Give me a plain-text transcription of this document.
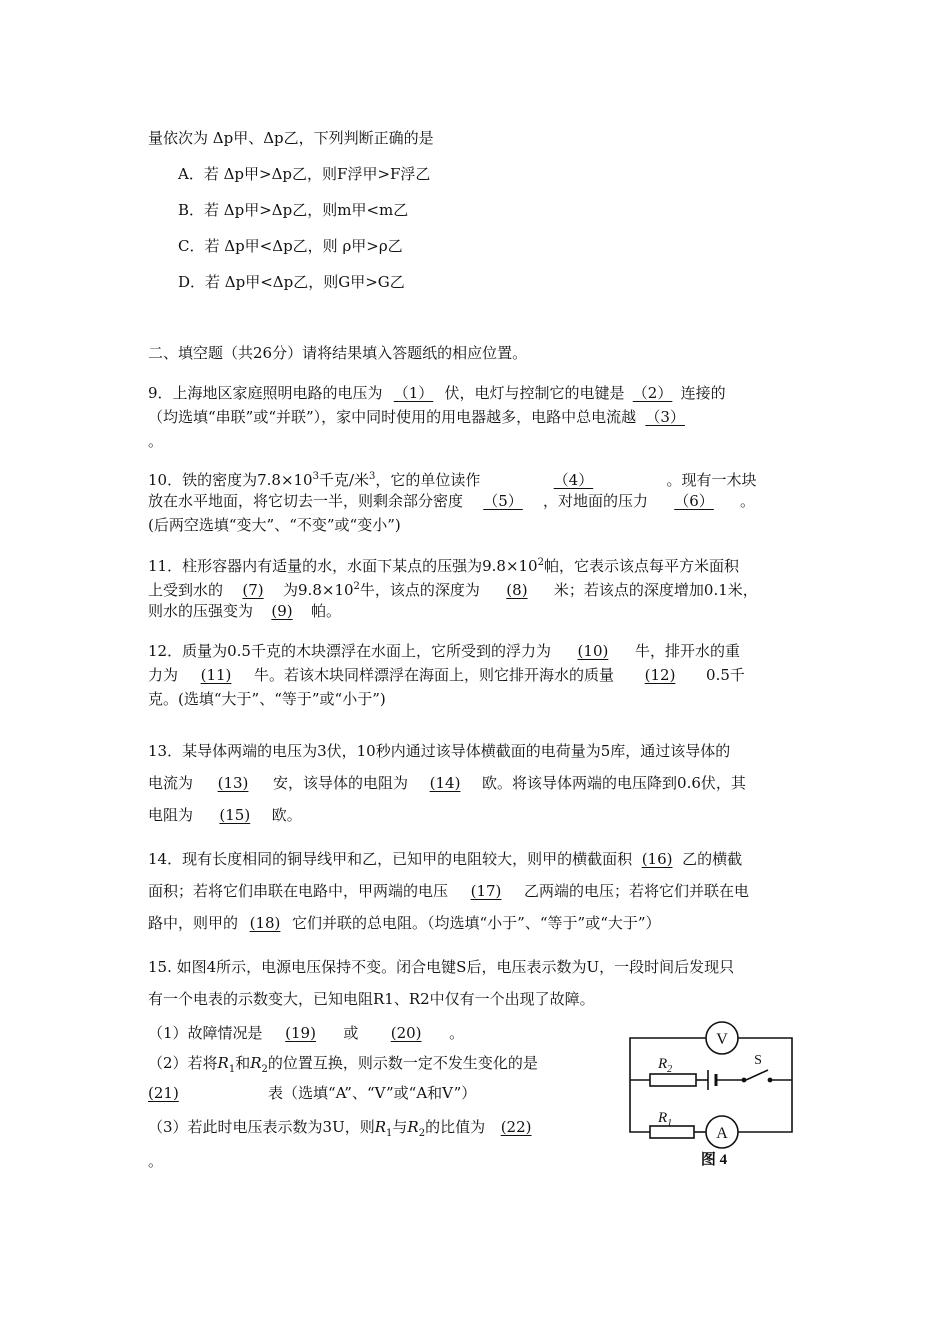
量依次为 Δp甲、Δp乙，下列判断正确的是
A．若 Δp甲>Δp乙，则F浮甲>F浮乙
B．若 Δp甲>Δp乙，则m甲<m乙
C．若 Δp甲<Δp乙，则 ρ甲>ρ乙
D．若 Δp甲<Δp乙，则G甲>G乙
二、填空题（共26分）请将结果填入答题纸的相应位置。
9．上海地区家庭照明电路的电压为 （1） 伏，电灯与控制它的电键是 （2） 连接的
（均选填“串联”或“并联”），家中同时使用的用电器越多，电路中总电流越 （3）
。
10．铁的密度为$7.8\times 10^3$千克/米$^3$，它的单位读作	（4）	。现有一木块
放在水平地面，将它切去一半，则剩余部分密度 （5） ，对地面的压力 （6） 。
(后两空选填“变大”、“不变”或“变小”)
11．柱形容器内有适量的水，水面下某点的压强为$9.8\times 10^2$帕，它表示该点每平方米面积
上受到水的 (7) 为$9.8\times 10^2$牛，该点的深度为 (8) 米；若该点的深度增加0.1米，
则水的压强变为 (9) 帕。
12．质量为0.5千克的木块漂浮在水面上，它所受到的浮力为 (10) 牛，排开水的重
力为 (11) 牛。若该木块同样漂浮在海面上，则它排开海水的质量 (12) 0.5千
克。(选填“大于”、“等于”或“小于”)
13．某导体两端的电压为3伏，10秒内通过该导体横截面的电荷量为5库，通过该导体的
电流为 (13) 安，该导体的电阻为 (14) 欧。将该导体两端的电压降到0.6伏，其
电阻为 (15) 欧。
14．现有长度相同的铜导线甲和乙，已知甲的电阻较大，则甲的横截面积 (16) 乙的横截
面积；若将它们串联在电路中，甲两端的电压 (17) 乙两端的电压；若将它们并联在电
路中，则甲的 (18) 它们并联的总电阻。（均选填“小于”、“等于”或“大于”）
15. 如图4所示，电源电压保持不变。闭合电键S后，电压表示数为U，一段时间后发现只
有一个电表的示数变大，已知电阻R1、R2中仅有一个出现了故障。
（1）故障情况是 (19) 或 (20) 。
（2）若将$R_1$和$R_2$的位置互换，则示数一定不发生变化的是
(21)	表（选填“A”、“V”或“A和V”）
（3）若此时电压表示数为3U，则$R_1$与$R_2$的比值为 (22)
。
V
A
S
$R_2$
$R_1$
图 4
